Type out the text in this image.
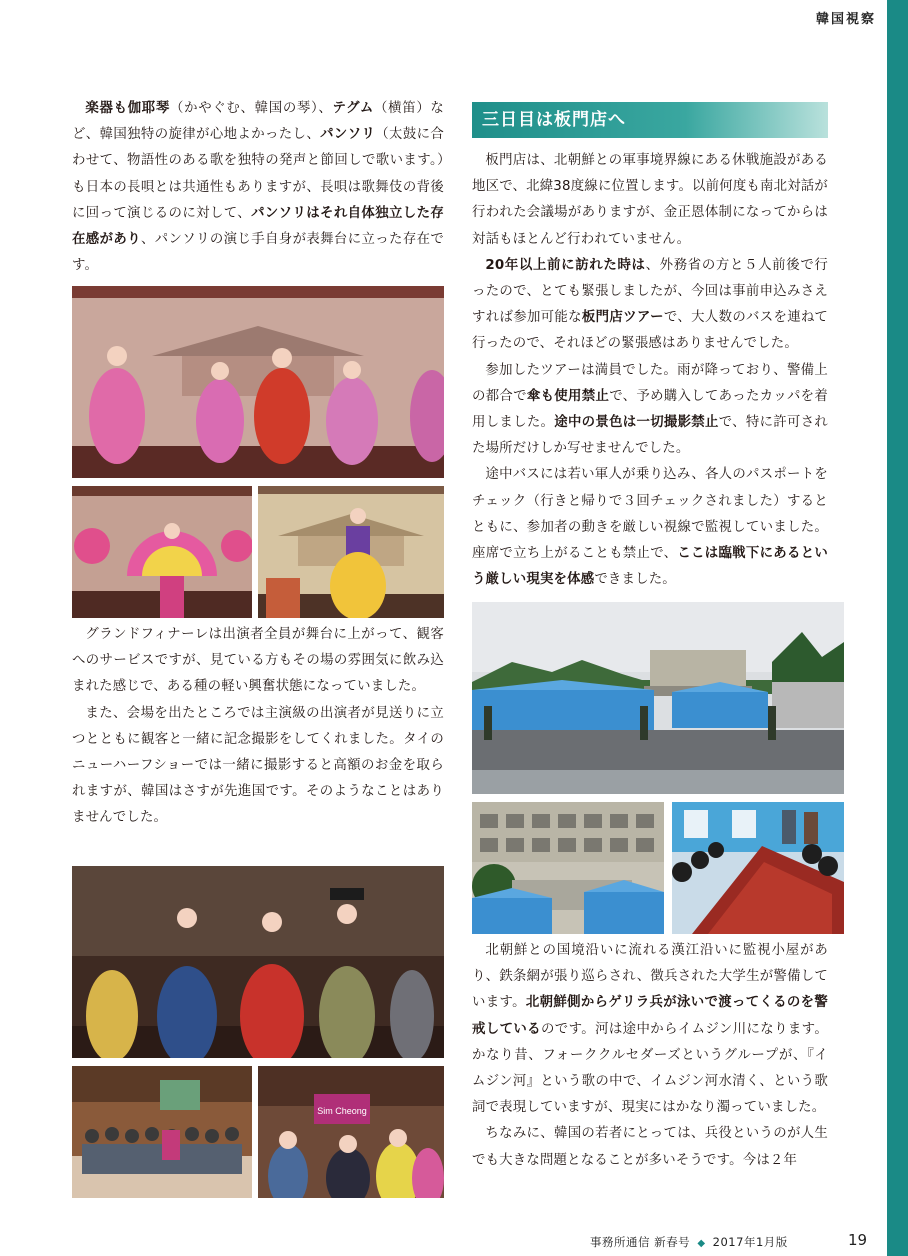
韓国視察

楽器も伽耶琴（かやぐむ、韓国の琴）、テグム（横笛）など、韓国独特の旋律が心地よかったし、パンソリ（太鼓に合わせて、物語性のある歌を独特の発声と節回しで歌います。）も日本の長唄とは共通性もありますが、長唄は歌舞伎の背後に回って演じるのに対して、パンソリはそれ自体独立した存在感があり、パンソリの演じ手自身が表舞台に立った存在です。

グランドフィナーレは出演者全員が舞台に上がって、観客へのサービスですが、見ている方もその場の雰囲気に飲み込まれた感じで、ある種の軽い興奮状態になっていました。

また、会場を出たところでは主演級の出演者が見送りに立つとともに観客と一緒に記念撮影をしてくれました。タイのニューハーフショーでは一緒に撮影すると高額のお金を取られますが、韓国はさすが先進国です。そのようなことはありませんでした。

Sim Cheong
三日目は板門店へ

板門店は、北朝鮮との軍事境界線にある休戦施設がある地区で、北緯38度線に位置します。以前何度も南北対話が行われた会議場がありますが、金正恩体制になってからは対話もほとんど行われていません。

20年以上前に訪れた時は、外務省の方と５人前後で行ったので、とても緊張しましたが、今回は事前申込みさえすれば参加可能な板門店ツアーで、大人数のバスを連ねて行ったので、それほどの緊張感はありませんでした。

参加したツアーは満員でした。雨が降っており、警備上の都合で傘も使用禁止で、予め購入してあったカッパを着用しました。途中の景色は一切撮影禁止で、特に許可された場所だけしか写せませんでした。

途中バスには若い軍人が乗り込み、各人のパスポートをチェック（行きと帰りで３回チェックされました）するとともに、参加者の動きを厳しい視線で監視していました。座席で立ち上がることも禁止で、ここは臨戦下にあるという厳しい現実を体感できました。

北朝鮮との国境沿いに流れる漢江沿いに監視小屋があり、鉄条網が張り巡らされ、徴兵された大学生が警備しています。北朝鮮側からゲリラ兵が泳いで渡ってくるのを警戒しているのです。河は途中からイムジン川になります。かなり昔、フォーククルセダーズというグループが、『イムジン河』という歌の中で、イムジン河水清く、という歌詞で表現していますが、現実にはかなり濁っていました。

ちなみに、韓国の若者にとっては、兵役というのが人生でも大きな問題となることが多いそうです。今は２年

事務所通信 新春号 ◆ 2017年1月版	19
